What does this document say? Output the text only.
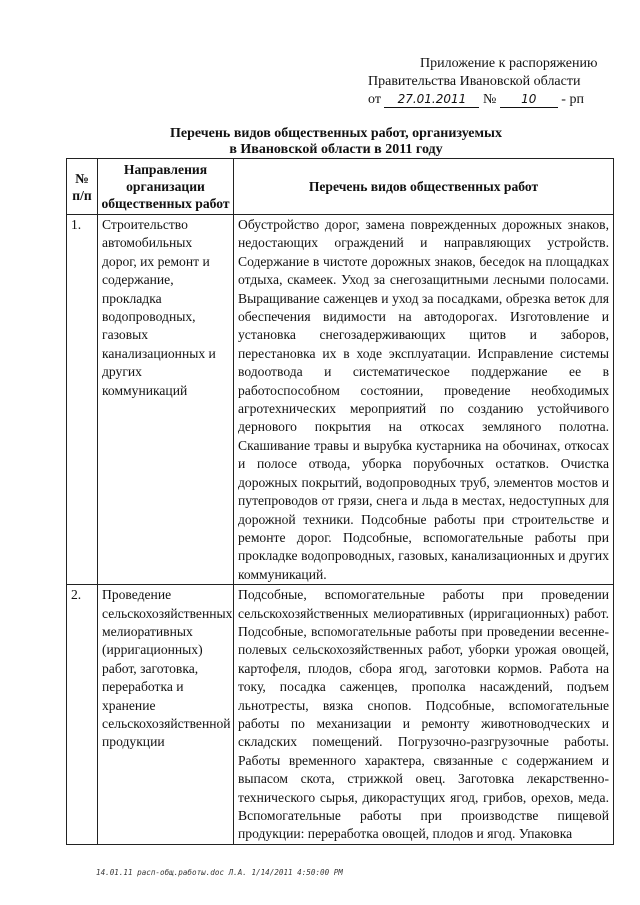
Приложение к распоряжению
Правительства Ивановской области
от 27.01.2011 № 10 - рп
Перечень видов общественных работ, организуемых
в Ивановской области в 2011 году
№ п/п	Направления организации общественных работ	Перечень видов общественных работ
1.	Строительство автомобильных дорог, их ремонт и содержание, прокладка водопроводных, газовых канализационных и других коммуникаций	Обустройство дорог, замена поврежденных дорожных знаков, недостающих ограждений и направляющих устройств. Содержание в чистоте дорожных знаков, беседок на площадках отдыха, скамеек. Уход за снегозащитными лесными полосами. Выращивание саженцев и уход за посадками, обрезка веток для обеспечения видимости на автодорогах. Изготовление и установка снегозадерживающих щитов и заборов, перестановка их в ходе эксплуатации. Исправление системы водоотвода и систематическое поддержание ее в работоспособном состоянии, проведение необходимых агротехнических мероприятий по созданию устойчивого дернового покрытия на откосах земляного полотна. Скашивание травы и вырубка кустарника на обочинах, откосах и полосе отвода, уборка порубочных остатков. Очистка дорожных покрытий, водопроводных труб, элементов мостов и путепроводов от грязи, снега и льда в местах, недоступных для дорожной техники. Подсобные работы при строительстве и ремонте дорог. Подсобные, вспомогательные работы при прокладке водопроводных, газовых, канализационных и других коммуникаций.
2.	Проведение сельскохозяйственных мелиоративных (ирригационных) работ, заготовка, переработка и хранение сельскохозяйственной продукции	Подсобные, вспомогательные работы при проведении сельскохозяйственных мелиоративных (ирригационных) работ. Подсобные, вспомогательные работы при проведении весенне-полевых сельскохозяйственных работ, уборки урожая овощей, картофеля, плодов, сбора ягод, заготовки кормов. Работа на току, посадка саженцев, прополка насаждений, подъем льнотресты, вязка снопов. Подсобные, вспомогательные работы по механизации и ремонту животноводческих и складских помещений. Погрузочно-разгрузочные работы. Работы временного характера, связанные с содержанием и выпасом скота, стрижкой овец. Заготовка лекарственно-технического сырья, дикорастущих ягод, грибов, орехов, меда. Вспомогательные работы при производстве пищевой продукции: переработка овощей, плодов и ягод. Упаковка
14.01.11 расп-общ.работы.doc Л.А. 1/14/2011 4:50:00 PM
